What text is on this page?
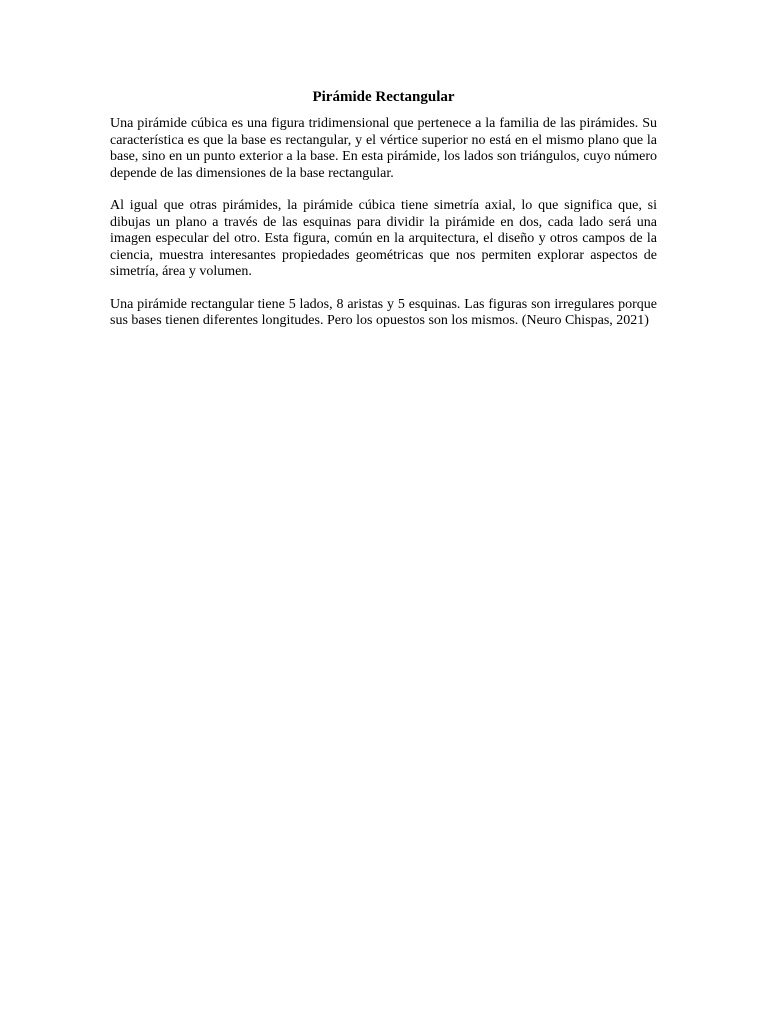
Pirámide Rectangular

Una pirámide cúbica es una figura tridimensional que pertenece a la familia de las pirámides. Su característica es que la base es rectangular, y el vértice superior no está en el mismo plano que la base, sino en un punto exterior a la base. En esta pirámide, los lados son triángulos, cuyo número depende de las dimensiones de la base rectangular.

Al igual que otras pirámides, la pirámide cúbica tiene simetría axial, lo que significa que, si dibujas un plano a través de las esquinas para dividir la pirámide en dos, cada lado será una imagen especular del otro. Esta figura, común en la arquitectura, el diseño y otros campos de la ciencia, muestra interesantes propiedades geométricas que nos permiten explorar aspectos de simetría, área y volumen.

Una pirámide rectangular tiene 5 lados, 8 aristas y 5 esquinas. Las figuras son irregulares porque sus bases tienen diferentes longitudes. Pero los opuestos son los mismos. (Neuro Chispas, 2021)
